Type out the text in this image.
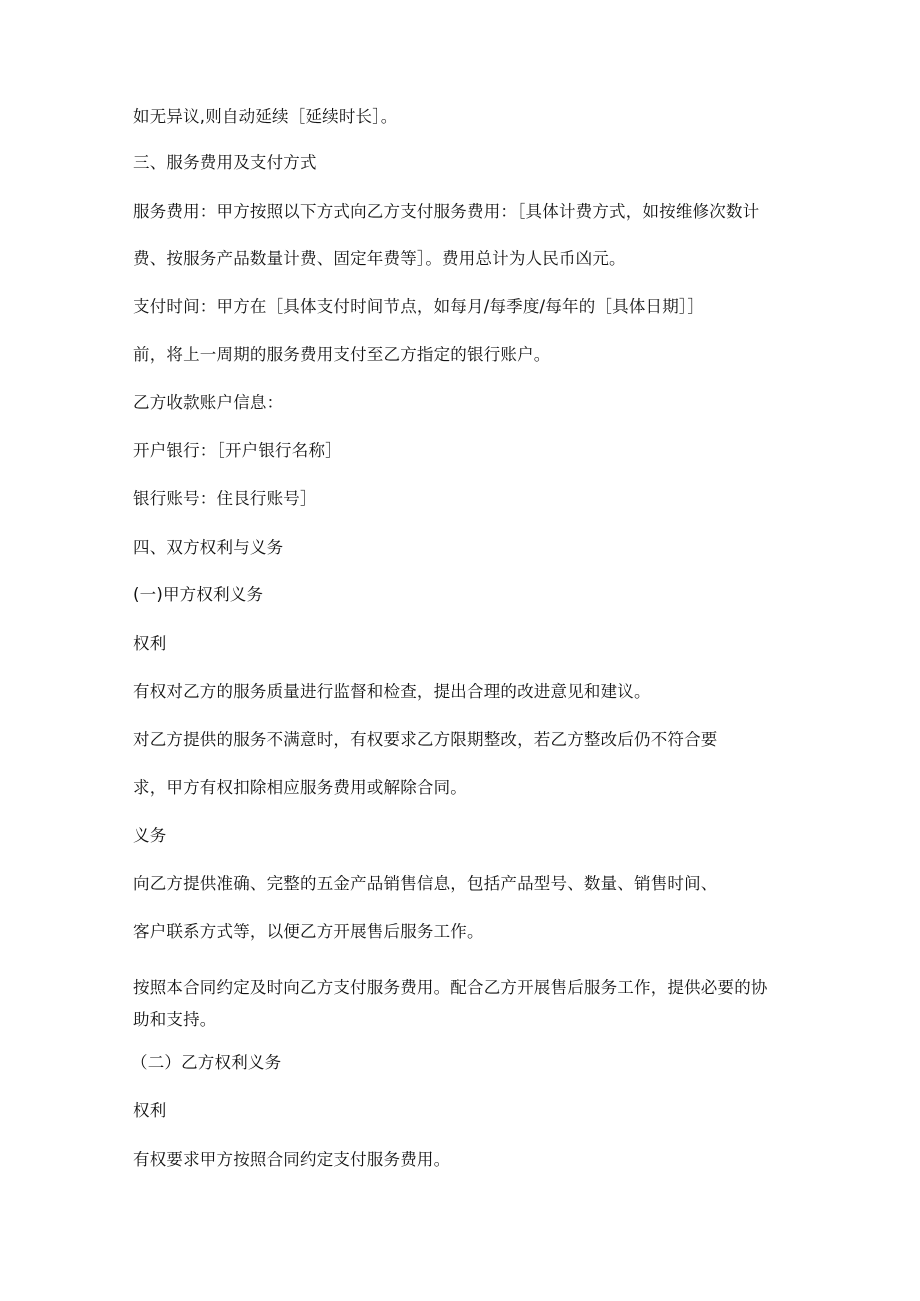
如无异议,则自动延续［延续时长］。
三、服务费用及支付方式
服务费用：甲方按照以下方式向乙方支付服务费用：［具体计费方式，如按维修次数计
费、按服务产品数量计费、固定年费等］。费用总计为人民币凶元。
支付时间：甲方在［具体支付时间节点，如每月/每季度/每年的［具体日期］］
前，将上一周期的服务费用支付至乙方指定的银行账户。
乙方收款账户信息：
开户银行：［开户银行名称］
银行账号：住艮行账号］
四、双方权利与义务
(一)甲方权利义务
权利
有权对乙方的服务质量进行监督和检查，提出合理的改进意见和建议。
对乙方提供的服务不满意时，有权要求乙方限期整改，若乙方整改后仍不符合要
求，甲方有权扣除相应服务费用或解除合同。
义务
向乙方提供准确、完整的五金产品销售信息，包括产品型号、数量、销售时间、
客户联系方式等，以便乙方开展售后服务工作。
按照本合同约定及时向乙方支付服务费用。配合乙方开展售后服务工作，提供必要的协
助和支持。
（二）乙方权利义务
权利
有权要求甲方按照合同约定支付服务费用。
